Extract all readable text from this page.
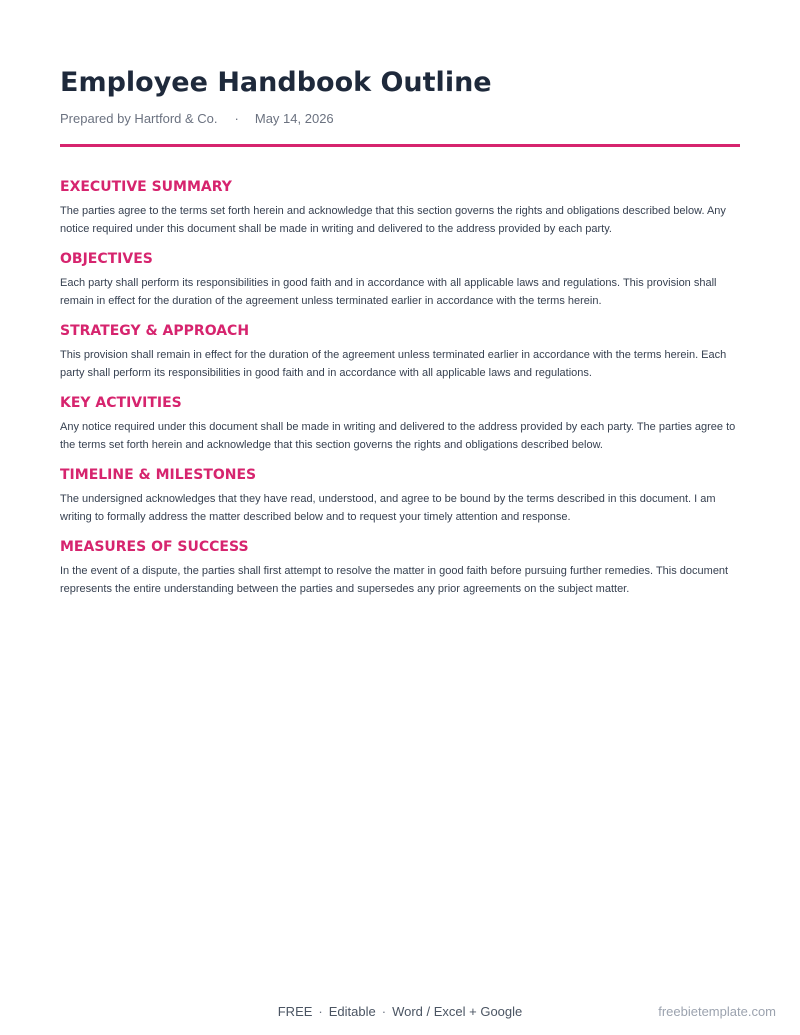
Employee Handbook Outline
Prepared by Hartford & Co. · May 14, 2026
EXECUTIVE SUMMARY

The parties agree to the terms set forth herein and acknowledge that this section governs the rights and obligations described below. Any notice required under this document shall be made in writing and delivered to the address provided by each party.

OBJECTIVES

Each party shall perform its responsibilities in good faith and in accordance with all applicable laws and regulations. This provision shall remain in effect for the duration of the agreement unless terminated earlier in accordance with the terms herein.

STRATEGY & APPROACH

This provision shall remain in effect for the duration of the agreement unless terminated earlier in accordance with the terms herein. Each party shall perform its responsibilities in good faith and in accordance with all applicable laws and regulations.

KEY ACTIVITIES

Any notice required under this document shall be made in writing and delivered to the address provided by each party. The parties agree to the terms set forth herein and acknowledge that this section governs the rights and obligations described below.

TIMELINE & MILESTONES

The undersigned acknowledges that they have read, understood, and agree to be bound by the terms described in this document. I am writing to formally address the matter described below and to request your timely attention and response.

MEASURES OF SUCCESS

In the event of a dispute, the parties shall first attempt to resolve the matter in good faith before pursuing further remedies. This document represents the entire understanding between the parties and supersedes any prior agreements on the subject matter.

FREE · Editable · Word / Excel + Google	freebietemplate.com
